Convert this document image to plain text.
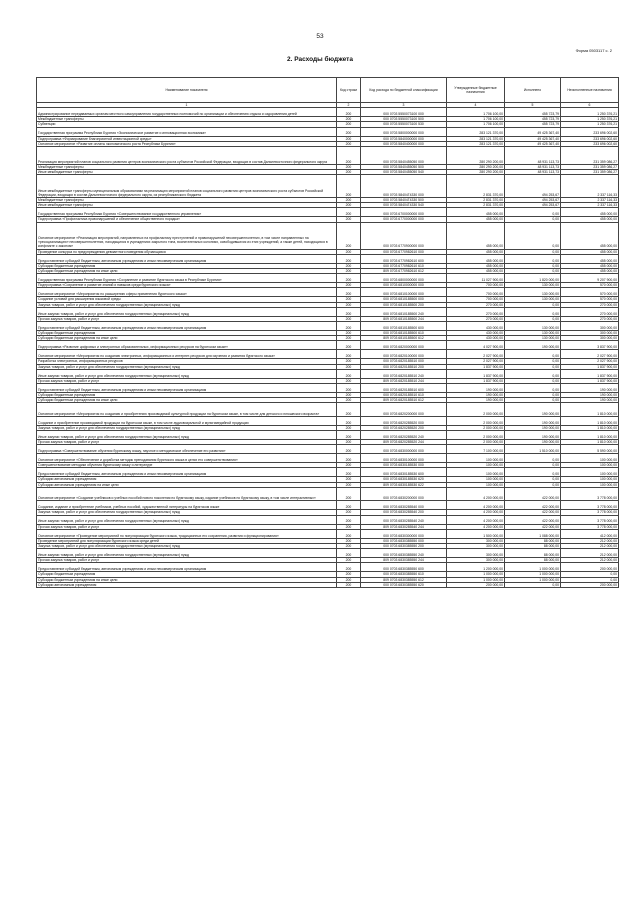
53
Форма 0503117 с. 2
2. Расходы бюджета
Наименование показателя	Код строки	Код расхода по бюджетной классификации	Утвержденные бюджетные назначения	Исполнено	Неисполненные назначения
1	2	3	4	5	6
Администрирование передаваемых органам местного самоуправления государственных полномочий по организации и обеспечению отдыха и оздоровления детей	200	000 0703 5550073100 000	1 706 100,00	455 723,79	1 250 376,21
Межбюджетные трансферты	200	000 0703 5550073100 500	1 706 100,00	455 723,79	1 250 376,21
Субвенции	200	000 0703 5550073100 530	1 706 100,00	455 723,79	1 250 376,21
Государственная программа Республики Бурятия «Экономическое развитие и инновационная экономика»	200	000 0703 5800000000 000	283 121 370,00	49 425 367,40	233 696 002,60
Подпрограмма «Формирование благоприятной инвестиционной среды»	200	000 0703 5840000000 000	283 121 370,00	49 425 367,40	233 696 002,60
Основное мероприятие «Развитие оплаты экономического роста Республики Бурятия»	200	000 0703 5840400000 000	283 121 370,00	49 425 367,40	233 696 002,60
Реализация мероприятий планов социального развития центров экономического роста субъектов Российской Федерации, входящих в состав Дальневосточного федерального округа	200	000 0703 5840455050 000	280 290 200,00	48 931 113,73	231 359 086,27
Межбюджетные трансферты	200	000 0703 5840455050 500	280 290 200,00	48 931 113,73	231 359 086,27
Иные межбюджетные трансферты	200	000 0703 5840455050 540	280 290 200,00	48 931 113,73	231 359 086,27
Иные межбюджетные трансферты муниципальным образованиям на реализацию мероприятий планов социального развития центров экономического роста субъектов Российской Федерации, входящих в состав Дальневосточного федерального округа, из республиканского бюджета	200	000 0703 58404Г4330 000	2 831 370,00	494 253,67	2 337 116,33
Межбюджетные трансферты	200	000 0703 58404Г4330 500	2 831 370,00	494 253,67	2 337 116,33
Иные межбюджетные трансферты	200	000 0703 58404Г4330 540	2 831 370,00	494 253,67	2 337 116,33
Государственная программа Республики Бурятия «Совершенствование государственного управления»	200	000 0703 6700000000 000	455 000,00	0,00	455 000,00
Подпрограмма «Профилактика правонарушений и обеспечение общественного порядка»	200	000 0703 6770000000 000	455 000,00	0,00	455 000,00
Основное мероприятие «Реализация мероприятий, направленных на профилактику преступлений и правонарушений несовершеннолетних, в том числе направленных на «ресоциализацию» несовершеннолетних, находящихся в учреждениях закрытого типа, воспитательных колониях, освободившихся из этих учреждений, а также детей, находящихся в конфликте с законом»	200	000 0703 6770900000 000	455 000,00	0,00	455 000,00
Проведение конкурса по предупреждению девиантного поведения обучающихся	200	000 0703 6770982610 000	455 000,00	0,00	455 000,00
Предоставление субсидий бюджетным, автономным учреждениям и иным некоммерческим организациям	200	000 0703 6770982610 600	455 000,00	0,00	455 000,00
Субсидии бюджетным учреждениям	200	000 0703 6770982610 610	455 000,00	0,00	455 000,00
Субсидии бюджетным учреждениям на иные цели	200	809 0703 6770982610 612	455 000,00	0,00	455 000,00
Государственная программа Республики Бурятия «Сохранение и развитие бурятского языка в Республике Бурятия»	200	000 0703 6800000000 000	11 027 900,00	1 820 000,00	9 207 900,00
Подпрограмма «Сохранение и развитие знаний и навыков среди бурятского языка»	200	000 0703 6810000000 000	700 000,00	130 000,00	570 000,00
Основное мероприятие «Мероприятия по расширению сферы применения бурятского языка»	200	000 0703 6810100000 000	700 000,00	130 000,00	570 000,00
Создание условий для расширения языковой среды	200	000 0703 6810185500 000	700 000,00	130 000,00	570 000,00
Закупка товаров, работ и услуг для обеспечения государственных (муниципальных) нужд	200	000 0703 6810185500 200	270 000,00	0,00	270 000,00
Иные закупки товаров, работ и услуг для обеспечения государственных (муниципальных) нужд	200	000 0703 6810185500 240	270 000,00	0,00	270 000,00
Прочая закупка товаров, работ и услуг	200	809 0703 6810185500 244	270 000,00	0,00	270 000,00
Предоставление субсидий бюджетным, автономным учреждениям и иным некоммерческим организациям	200	000 0703 6810185500 600	430 000,00	130 000,00	300 000,00
Субсидии бюджетным учреждениям	200	000 0703 6810185500 610	430 000,00	130 000,00	300 000,00
Субсидии бюджетным учреждениям на иные цели	200	809 0703 6810185500 612	430 000,00	130 000,00	300 000,00
Подпрограмма «Развитие цифровых и электронных образовательных, информационных ресурсов на бурятском языке»	200	000 0703 6820000000 000	4 027 900,00	190 000,00	3 837 900,00
Основное мероприятие «Мероприятия по созданию электронных, информационных и интернет-ресурсов для изучения и развития бурятского языка»	200	000 0703 6820100000 000	2 027 900,00	0,00	2 027 900,00
Разработка электронных, информационных ресурсов	200	000 0703 6820185510 000	2 027 900,00	0,00	2 027 900,00
Закупка товаров, работ и услуг для обеспечения государственных (муниципальных) нужд	200	000 0703 6820185510 200	1 837 900,00	0,00	1 837 900,00
Иные закупки товаров, работ и услуг для обеспечения государственных (муниципальных) нужд	200	000 0703 6820185510 240	1 837 900,00	0,00	1 837 900,00
Прочая закупка товаров, работ и услуг	200	809 0703 6820185510 244	1 837 900,00	0,00	1 837 900,00
Предоставление субсидий бюджетным, автономным учреждениям и иным некоммерческим организациям	200	000 0703 6820185510 600	190 000,00	0,00	190 000,00
Субсидии бюджетным учреждениям	200	000 0703 6820185510 610	190 000,00	0,00	190 000,00
Субсидии бюджетным учреждениям на иные цели	200	809 0703 6820185510 612	190 000,00	0,00	190 000,00
Основное мероприятие «Мероприятия по созданию и приобретению производимой культурной продукции на бурятском языке, в том числе для детского и юношеского возраста»	200	000 0703 6820200000 000	2 000 000,00	190 000,00	1 810 000,00
Создание и приобретение производимой продукции на бурятском языке, в том числе аудиовизуальной и мультимедийной продукции	200	000 0703 6820285520 000	2 000 000,00	190 000,00	1 810 000,00
Закупка товаров, работ и услуг для обеспечения государственных (муниципальных) нужд	200	000 0703 6820285520 200	2 000 000,00	190 000,00	1 810 000,00
Иные закупки товаров, работ и услуг для обеспечения государственных (муниципальных) нужд	200	000 0703 6820285520 240	2 000 000,00	190 000,00	1 810 000,00
Прочая закупка товаров, работ и услуг	200	809 0703 6820285520 244	2 000 000,00	190 000,00	1 810 000,00
Подпрограмма «Совершенствование обучения бурятскому языку, научное и методическое обеспечение его развития»	200	000 0703 6830000000 000	7 100 000,00	1 510 000,00	5 590 000,00
Основное мероприятие «Обеспечение и доработка методик преподавания бурятского языка в целях его совершенствования»	200	000 0703 6830100000 000	100 000,00	0,00	100 000,00
Совершенствование методики обучения бурятскому языку и литературе	200	000 0703 6830185530 000	100 000,00	0,00	100 000,00
Предоставление субсидий бюджетным, автономным учреждениям и иным некоммерческим организациям	200	000 0703 6830185530 600	100 000,00	0,00	100 000,00
Субсидии автономным учреждениям	200	000 0703 6830185530 620	100 000,00	0,00	100 000,00
Субсидии автономным учреждениям на иные цели	200	809 0703 6830185530 622	100 000,00	0,00	100 000,00
Основное мероприятие «Создание учебников и учебных пособий нового поколения по бурятскому языку, издание учебников по бурятскому языку, в том числе интерактивных»	200	000 0703 6830200000 000	4 200 000,00	422 000,00	3 778 000,00
Создание, издание и приобретение учебников, учебных пособий, художественной литературы на бурятском языке	200	000 0703 6830285540 000	4 200 000,00	422 000,00	3 778 000,00
Закупка товаров, работ и услуг для обеспечения государственных (муниципальных) нужд	200	000 0703 6830285540 200	4 200 000,00	422 000,00	3 778 000,00
Иные закупки товаров, работ и услуг для обеспечения государственных (муниципальных) нужд	200	000 0703 6830285540 240	4 200 000,00	422 000,00	3 778 000,00
Прочая закупка товаров, работ и услуг	200	809 0703 6830285540 244	4 200 000,00	422 000,00	3 778 000,00
Основное мероприятие «Проведение мероприятий по популяризации бурятского языка, традиционных его сохранения, развития и функционирования»	200	000 0703 6830300000 000	1 500 000,00	1 088 000,00	412 000,00
Проведение мероприятий для популяризации бурятского языка среди детей	200	000 0703 6830385550 000	300 000,00	88 000,00	212 000,00
Закупка товаров, работ и услуг для обеспечения государственных (муниципальных) нужд	200	000 0703 6830385550 200	300 000,00	88 000,00	212 000,00
Иные закупки товаров, работ и услуг для обеспечения государственных (муниципальных) нужд	200	000 0703 6830385550 240	300 000,00	88 000,00	212 000,00
Прочая закупка товаров, работ и услуг	200	809 0703 6830385550 244	300 000,00	88 000,00	212 000,00
Предоставление субсидий бюджетным, автономным учреждениям и иным некоммерческим организациям	200	000 0703 6830385550 600	1 200 000,00	1 000 000,00	200 000,00
Субсидии бюджетным учреждениям	200	000 0703 6830385550 610	1 000 000,00	1 000 000,00	0,00
Субсидии бюджетным учреждениям на иные цели	200	809 0703 6830385550 612	1 000 000,00	1 000 000,00	0,00
Субсидии автономным учреждениям	200	000 0703 6830385550 620	200 000,00	0,00	200 000,00
